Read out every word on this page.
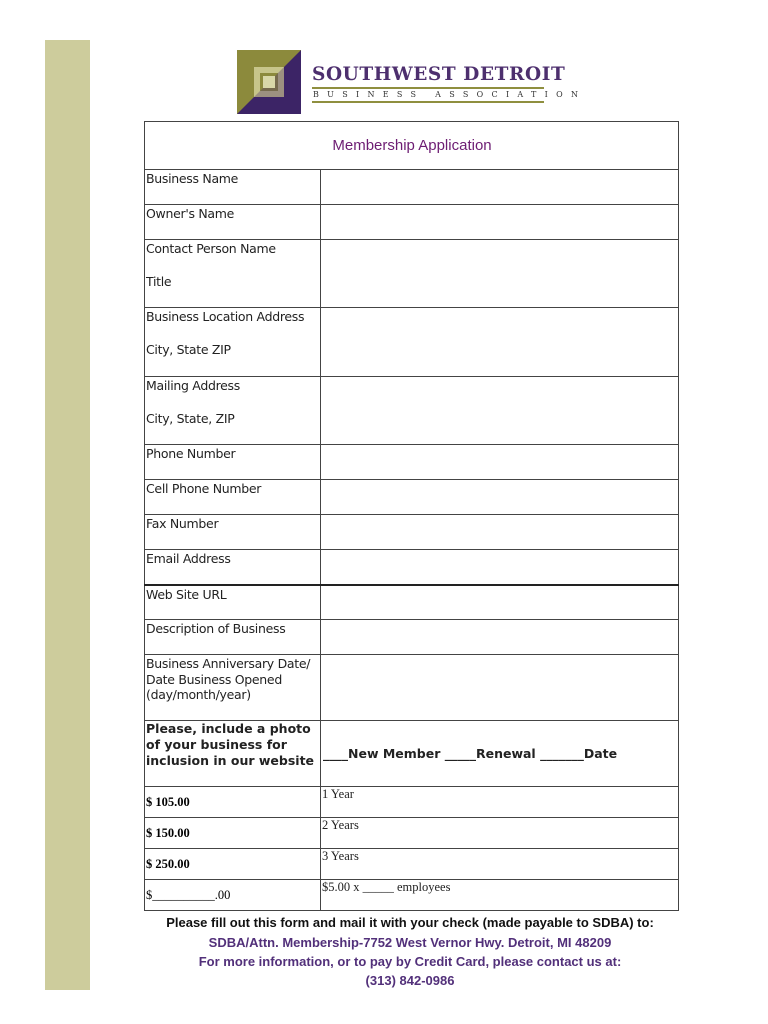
SOUTHWEST DETROIT
BUSINESS ASSOCIATION
Membership Application	

Business Name	

Owner's Name	

Contact Person Name
Title	

Business Location Address
City, State ZIP	

Mailing Address
City, State, ZIP	

Phone Number	

Cell Phone Number	

Fax Number	

Email Address	

Web Site URL	

Description of Business	

Business Anniversary Date/
Date Business Opened
(day/month/year)	

Please, include a photo of your business for inclusion in our website	____New Member _____Renewal _______Date
$ 105.00	1 Year
$ 150.00	2 Years
$ 250.00	3 Years
$__________.00	$5.00 x _____ employees
Please fill out this form and mail it with your check (made payable to SDBA) to:
SDBA/Attn. Membership-7752 West Vernor Hwy. Detroit, MI 48209
For more information, or to pay by Credit Card, please contact us at:
(313) 842-0986
